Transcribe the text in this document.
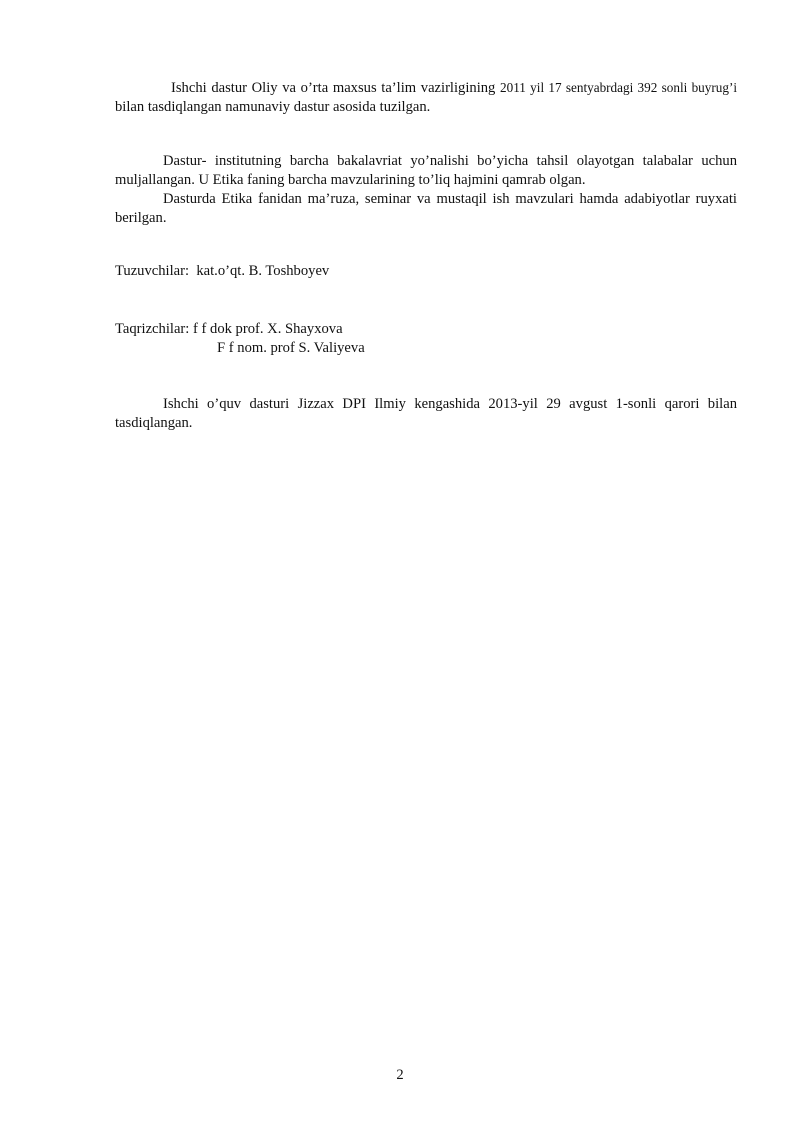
Ishchi dastur Oliy va o’rta maxsus ta’lim vazirligining 2011 yil 17 sentyabrdagi 392 sonli buyrug’i bilan tasdiqlangan namunaviy dastur asosida tuzilgan.

Dastur- institutning barcha bakalavriat yo’nalishi bo’yicha tahsil olayotgan talabalar uchun muljallangan. U Etika faning barcha mavzularining to’liq hajmini qamrab olgan.

Dasturda Etika fanidan ma’ruza, seminar va mustaqil ish mavzulari hamda adabiyotlar ruyxati berilgan.

Tuzuvchilar: kat.o’qt. B. Toshboyev
Taqrizchilar: f f dok prof. X. Shayxova
F f nom. prof S. Valiyeva

Ishchi o’quv dasturi Jizzax DPI Ilmiy kengashida 2013-yil 29 avgust 1-sonli qarori bilan tasdiqlangan.

2
